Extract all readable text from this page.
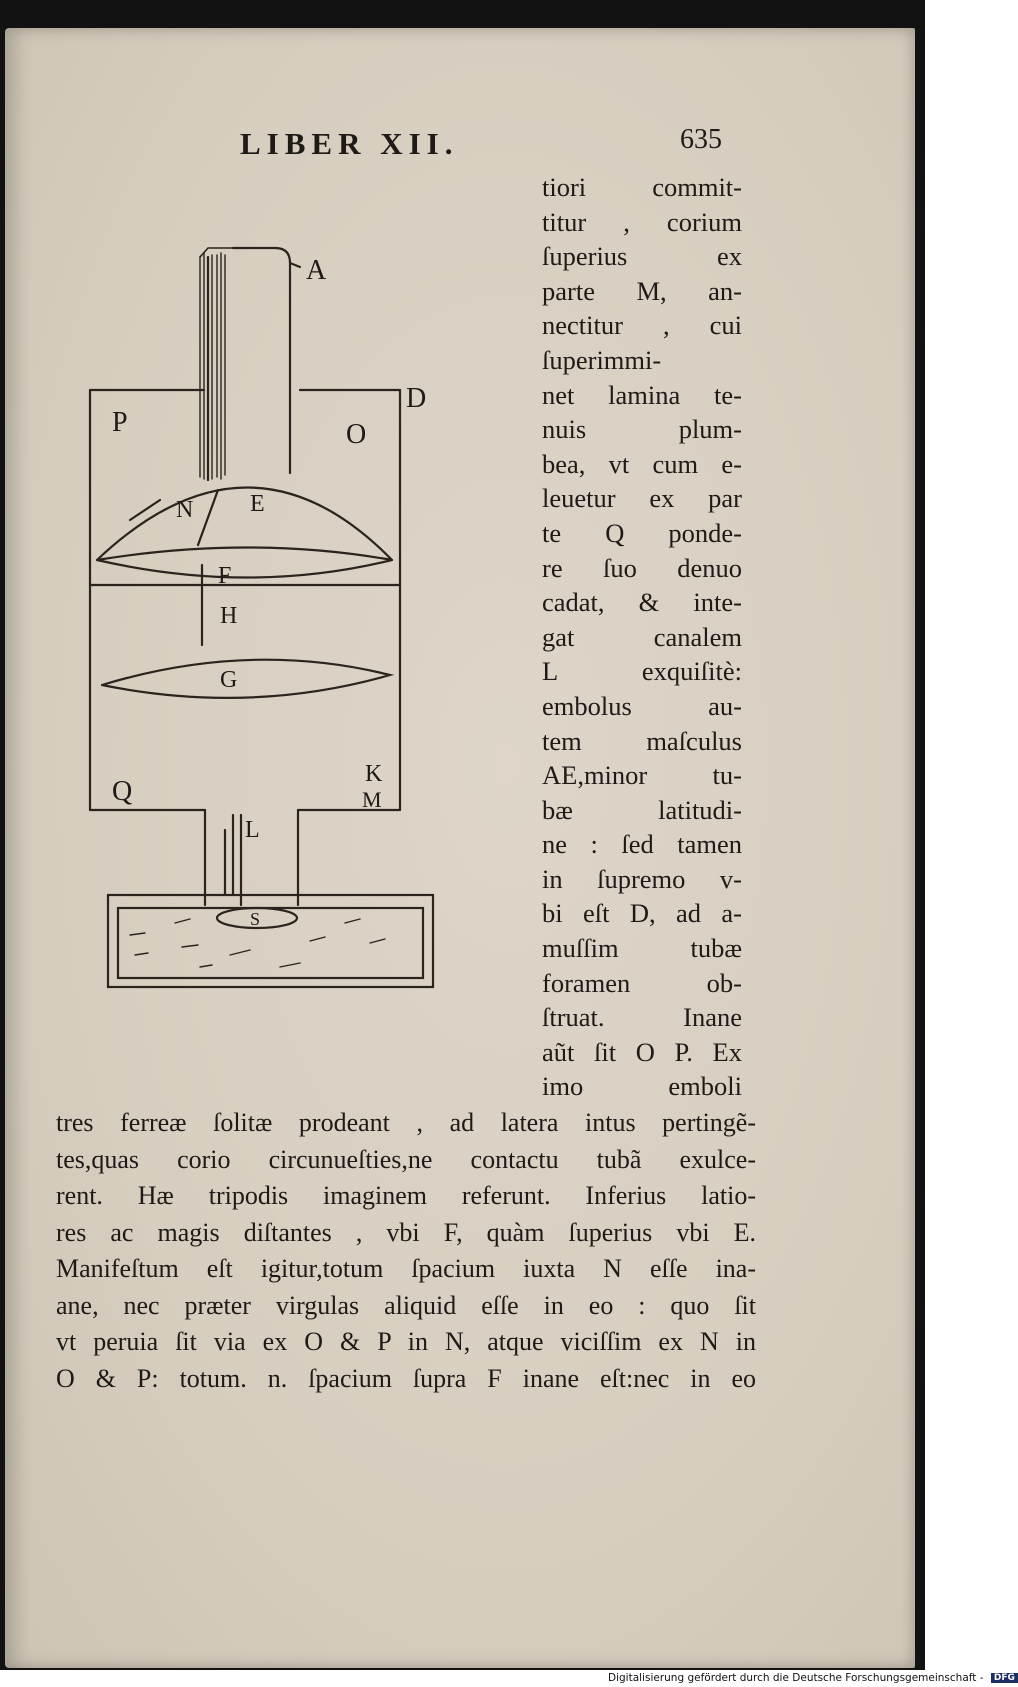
LIBER XII.	635
A
D
P	O
N E
F
H
G
Q
K
M
L
S
tiori commit-
titur , corium
ſuperius ex
parte M, an-
nectitur , cui
ſuperimmi-
net lamina te-
nuis plum-
bea, vt cum e-
leuetur ex par
te Q ponde-
re ſuo denuo
cadat, & inte-
gat canalem
L exquiſitè:
embolus au-
tem maſculus
AE,minor tu-
bæ latitudi-
ne : ſed tamen
in ſupremo v-
bi eſt D, ad a-
muſſim tubæ
foramen ob-
ſtruat. Inane
aũt ſit O P. Ex
imo emboli
tres ferreæ ſolitæ prodeant , ad latera intus pertingẽ-
tes,quas corio circunueſties,ne contactu tubã exulce-
rent. Hæ tripodis imaginem referunt. Inferius latio-
res ac magis diſtantes , vbi F, quàm ſuperius vbi E.
Manifeſtum eſt igitur,totum ſpacium iuxta N eſſe ina-
ane, nec præter virgulas aliquid eſſe in eo : quo ſit
vt peruia ſit via ex O & P in N, atque viciſſim ex N in
O & P: totum. n. ſpacium ſupra F inane eſt:nec in eo
Digitalisierung gefördert durch die Deutsche Forschungsgemeinschaft - DFG
